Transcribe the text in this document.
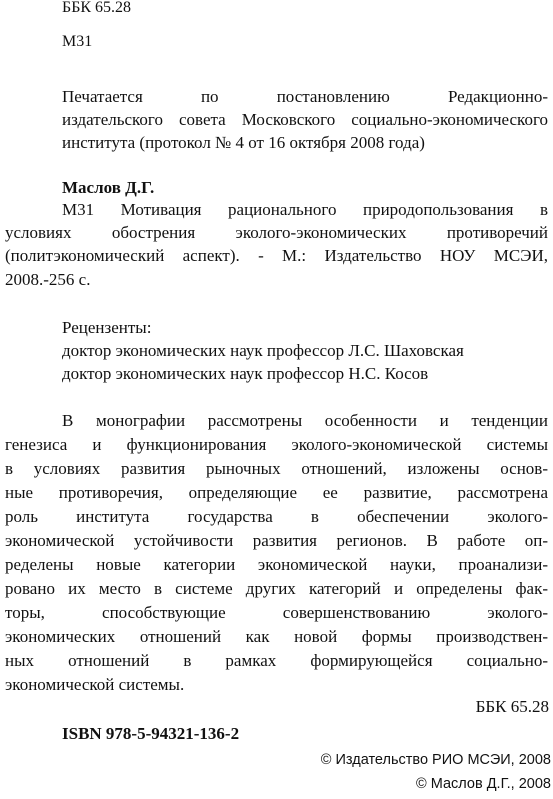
ББК 65.28
М31
Печатается по постановлению Редакционно-
издательского совета Московского социально-экономического
института (протокол № 4 от 16 октября 2008 года)
Маслов Д.Г.
М31 Мотивация рационального природопользования в
условиях обострения эколого-экономических противоречий
(политэкономический аспект). - М.: Издательство НОУ МСЭИ,
2008.-256 с.
Рецензенты:
доктор экономических наук профессор Л.С. Шаховская
доктор экономических наук профессор Н.С. Косов
В монографии рассмотрены особенности и тенденции
генезиса и функционирования эколого-экономической системы
в условиях развития рыночных отношений, изложены основ-
ные противоречия, определяющие ее развитие, рассмотрена
роль института государства в обеспечении эколого-
экономической устойчивости развития регионов. В работе оп-
ределены новые категории экономической науки, проанализи-
ровано их место в системе других категорий и определены фак-
торы, способствующие совершенствованию эколого-
экономических отношений как новой формы производствен-
ных отношений в рамках формирующейся социально-
экономической системы.
ББК 65.28
ISBN 978-5-94321-136-2
© Издательство РИО МСЭИ, 2008
© Маслов Д.Г., 2008
